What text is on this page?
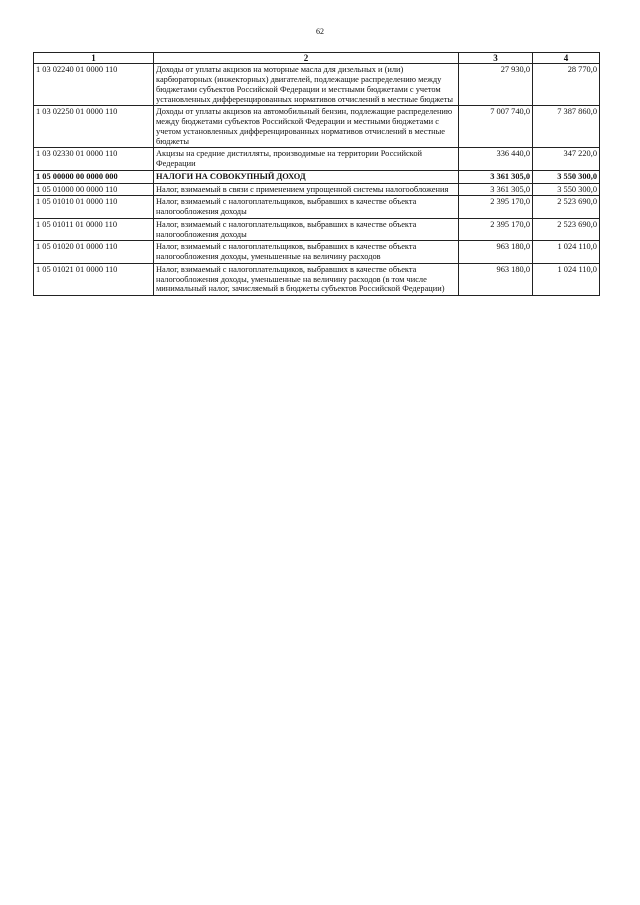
62
1	2	3	4
1 03 02240 01 0000 110	Доходы от уплаты акцизов на моторные масла для дизельных и (или) карбюраторных (инжекторных) двигателей, подлежащие распределению между бюджетами субъектов Российской Федерации и местными бюджетами с учетом установленных дифференцированных нормативов отчислений в местные бюджеты	27 930,0	28 770,0
1 03 02250 01 0000 110	Доходы от уплаты акцизов на автомобильный бензин, подлежащие распределению между бюджетами субъектов Российской Федерации и местными бюджетами с учетом установленных дифференцированных нормативов отчислений в местные бюджеты	7 007 740,0	7 387 860,0
1 03 02330 01 0000 110	Акцизы на средние дистилляты, производимые на территории Российской Федерации	336 440,0	347 220,0
1 05 00000 00 0000 000	НАЛОГИ НА СОВОКУПНЫЙ ДОХОД	3 361 305,0	3 550 300,0
1 05 01000 00 0000 110	Налог, взимаемый в связи с применением упрощенной системы налогообложения	3 361 305,0	3 550 300,0
1 05 01010 01 0000 110	Налог, взимаемый с налогоплательщиков, выбравших в качестве объекта налогообложения доходы	2 395 170,0	2 523 690,0
1 05 01011 01 0000 110	Налог, взимаемый с налогоплательщиков, выбравших в качестве объекта налогообложения доходы	2 395 170,0	2 523 690,0
1 05 01020 01 0000 110	Налог, взимаемый с налогоплательщиков, выбравших в качестве объекта налогообложения доходы, уменьшенные на величину расходов	963 180,0	1 024 110,0
1 05 01021 01 0000 110	Налог, взимаемый с налогоплательщиков, выбравших в качестве объекта налогообложения доходы, уменьшенные на величину расходов (в том числе минимальный налог, зачисляемый в бюджеты субъектов Российской Федерации)	963 180,0	1 024 110,0
